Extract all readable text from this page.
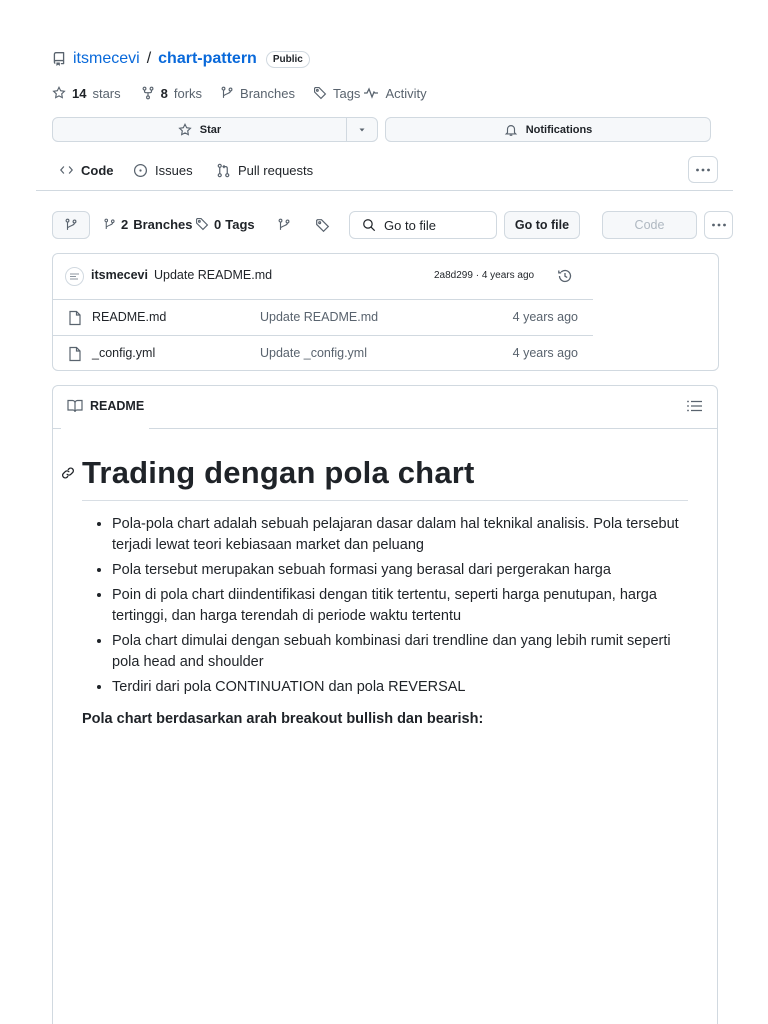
itsmecevi / chart-pattern	Public
14 stars	8 forks	Branches	Tags Activity
Star	Notifications
Code	Issues	Pull requests
2 Branches 0 Tags	Go to file	Go to file	Code
itsmecevi Update README.md	2a8d299 · 4 years ago
README.md	Update README.md	4 years ago
_config.yml	Update _config.yml	4 years ago
README
Trading dengan pola chart
• Pola-pola chart adalah sebuah pelajaran dasar dalam hal teknikal analisis. Pola tersebut terjadi lewat teori kebiasaan market dan peluang
• Pola tersebut merupakan sebuah formasi yang berasal dari pergerakan harga
• Poin di pola chart diindentifikasi dengan titik tertentu, seperti harga penutupan, harga tertinggi, dan harga terendah di periode waktu tertentu
• Pola chart dimulai dengan sebuah kombinasi dari trendline dan yang lebih rumit seperti pola head and shoulder
• Terdiri dari pola CONTINUATION dan pola REVERSAL

Pola chart berdasarkan arah breakout bullish dan bearish:
